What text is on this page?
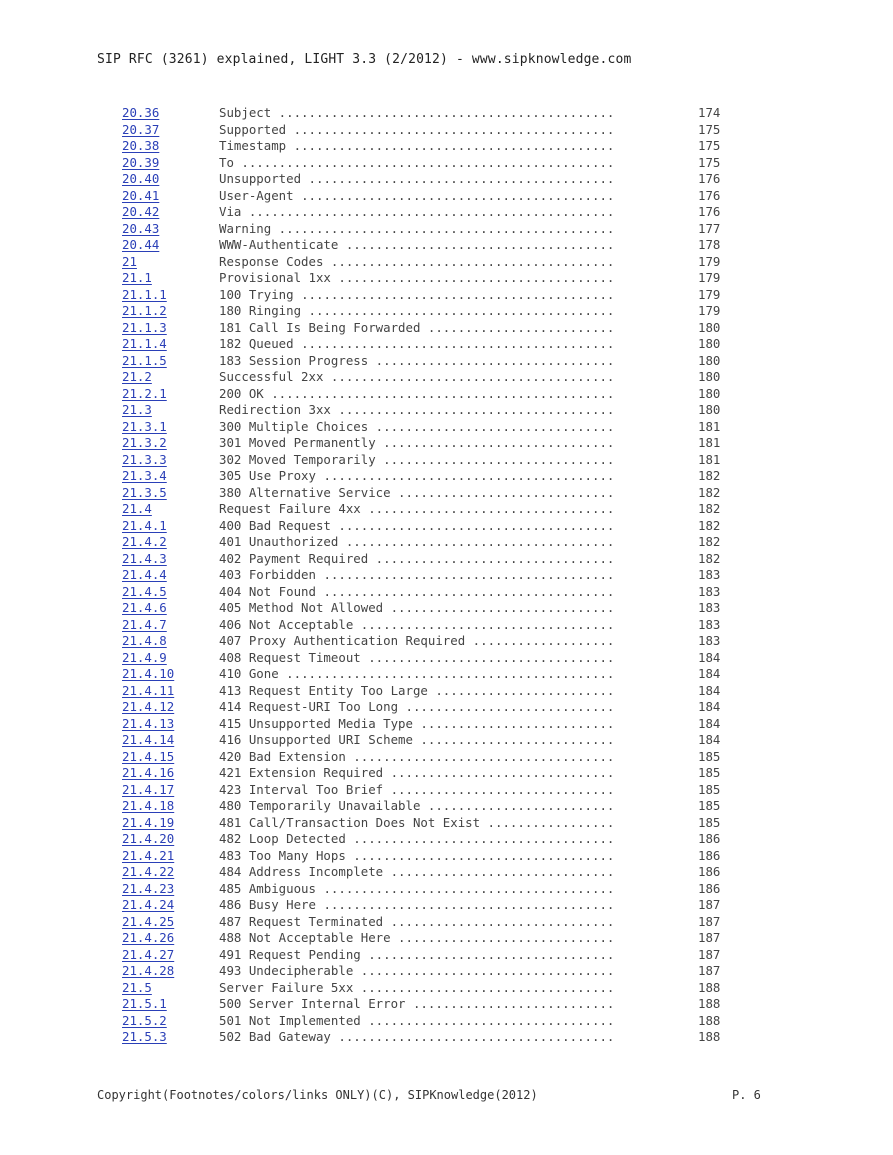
SIP RFC (3261) explained, LIGHT 3.3 (2/2012) - www.sipknowledge.com
20.36	Subject .............................................	174
20.37	Supported ...........................................	175
20.38	Timestamp ...........................................	175
20.39	To ..................................................	175
20.40	Unsupported .........................................	176
20.41	User-Agent ..........................................	176
20.42	Via .................................................	176
20.43	Warning .............................................	177
20.44	WWW-Authenticate ....................................	178
21	Response Codes ......................................	179
21.1	Provisional 1xx .....................................	179
21.1.1	100 Trying ..........................................	179
21.1.2	180 Ringing .........................................	179
21.1.3	181 Call Is Being Forwarded .........................	180
21.1.4	182 Queued ..........................................	180
21.1.5	183 Session Progress ................................	180
21.2	Successful 2xx ......................................	180
21.2.1	200 OK ..............................................	180
21.3	Redirection 3xx .....................................	180
21.3.1	300 Multiple Choices ................................	181
21.3.2	301 Moved Permanently ...............................	181
21.3.3	302 Moved Temporarily ...............................	181
21.3.4	305 Use Proxy .......................................	182
21.3.5	380 Alternative Service .............................	182
21.4	Request Failure 4xx .................................	182
21.4.1	400 Bad Request .....................................	182
21.4.2	401 Unauthorized ....................................	182
21.4.3	402 Payment Required ................................	182
21.4.4	403 Forbidden .......................................	183
21.4.5	404 Not Found .......................................	183
21.4.6	405 Method Not Allowed ..............................	183
21.4.7	406 Not Acceptable ..................................	183
21.4.8	407 Proxy Authentication Required ...................	183
21.4.9	408 Request Timeout .................................	184
21.4.10	410 Gone ............................................	184
21.4.11	413 Request Entity Too Large ........................	184
21.4.12	414 Request-URI Too Long ............................	184
21.4.13	415 Unsupported Media Type ..........................	184
21.4.14	416 Unsupported URI Scheme ..........................	184
21.4.15	420 Bad Extension ...................................	185
21.4.16	421 Extension Required ..............................	185
21.4.17	423 Interval Too Brief ..............................	185
21.4.18	480 Temporarily Unavailable .........................	185
21.4.19	481 Call/Transaction Does Not Exist .................	185
21.4.20	482 Loop Detected ...................................	186
21.4.21	483 Too Many Hops ...................................	186
21.4.22	484 Address Incomplete ..............................	186
21.4.23	485 Ambiguous .......................................	186
21.4.24	486 Busy Here .......................................	187
21.4.25	487 Request Terminated ..............................	187
21.4.26	488 Not Acceptable Here .............................	187
21.4.27	491 Request Pending .................................	187
21.4.28	493 Undecipherable ..................................	187
21.5	Server Failure 5xx ..................................	188
21.5.1	500 Server Internal Error ...........................	188
21.5.2	501 Not Implemented .................................	188
21.5.3	502 Bad Gateway .....................................	188
Copyright(Footnotes/colors/links ONLY)(C), SIPKnowledge(2012)	P. 6
